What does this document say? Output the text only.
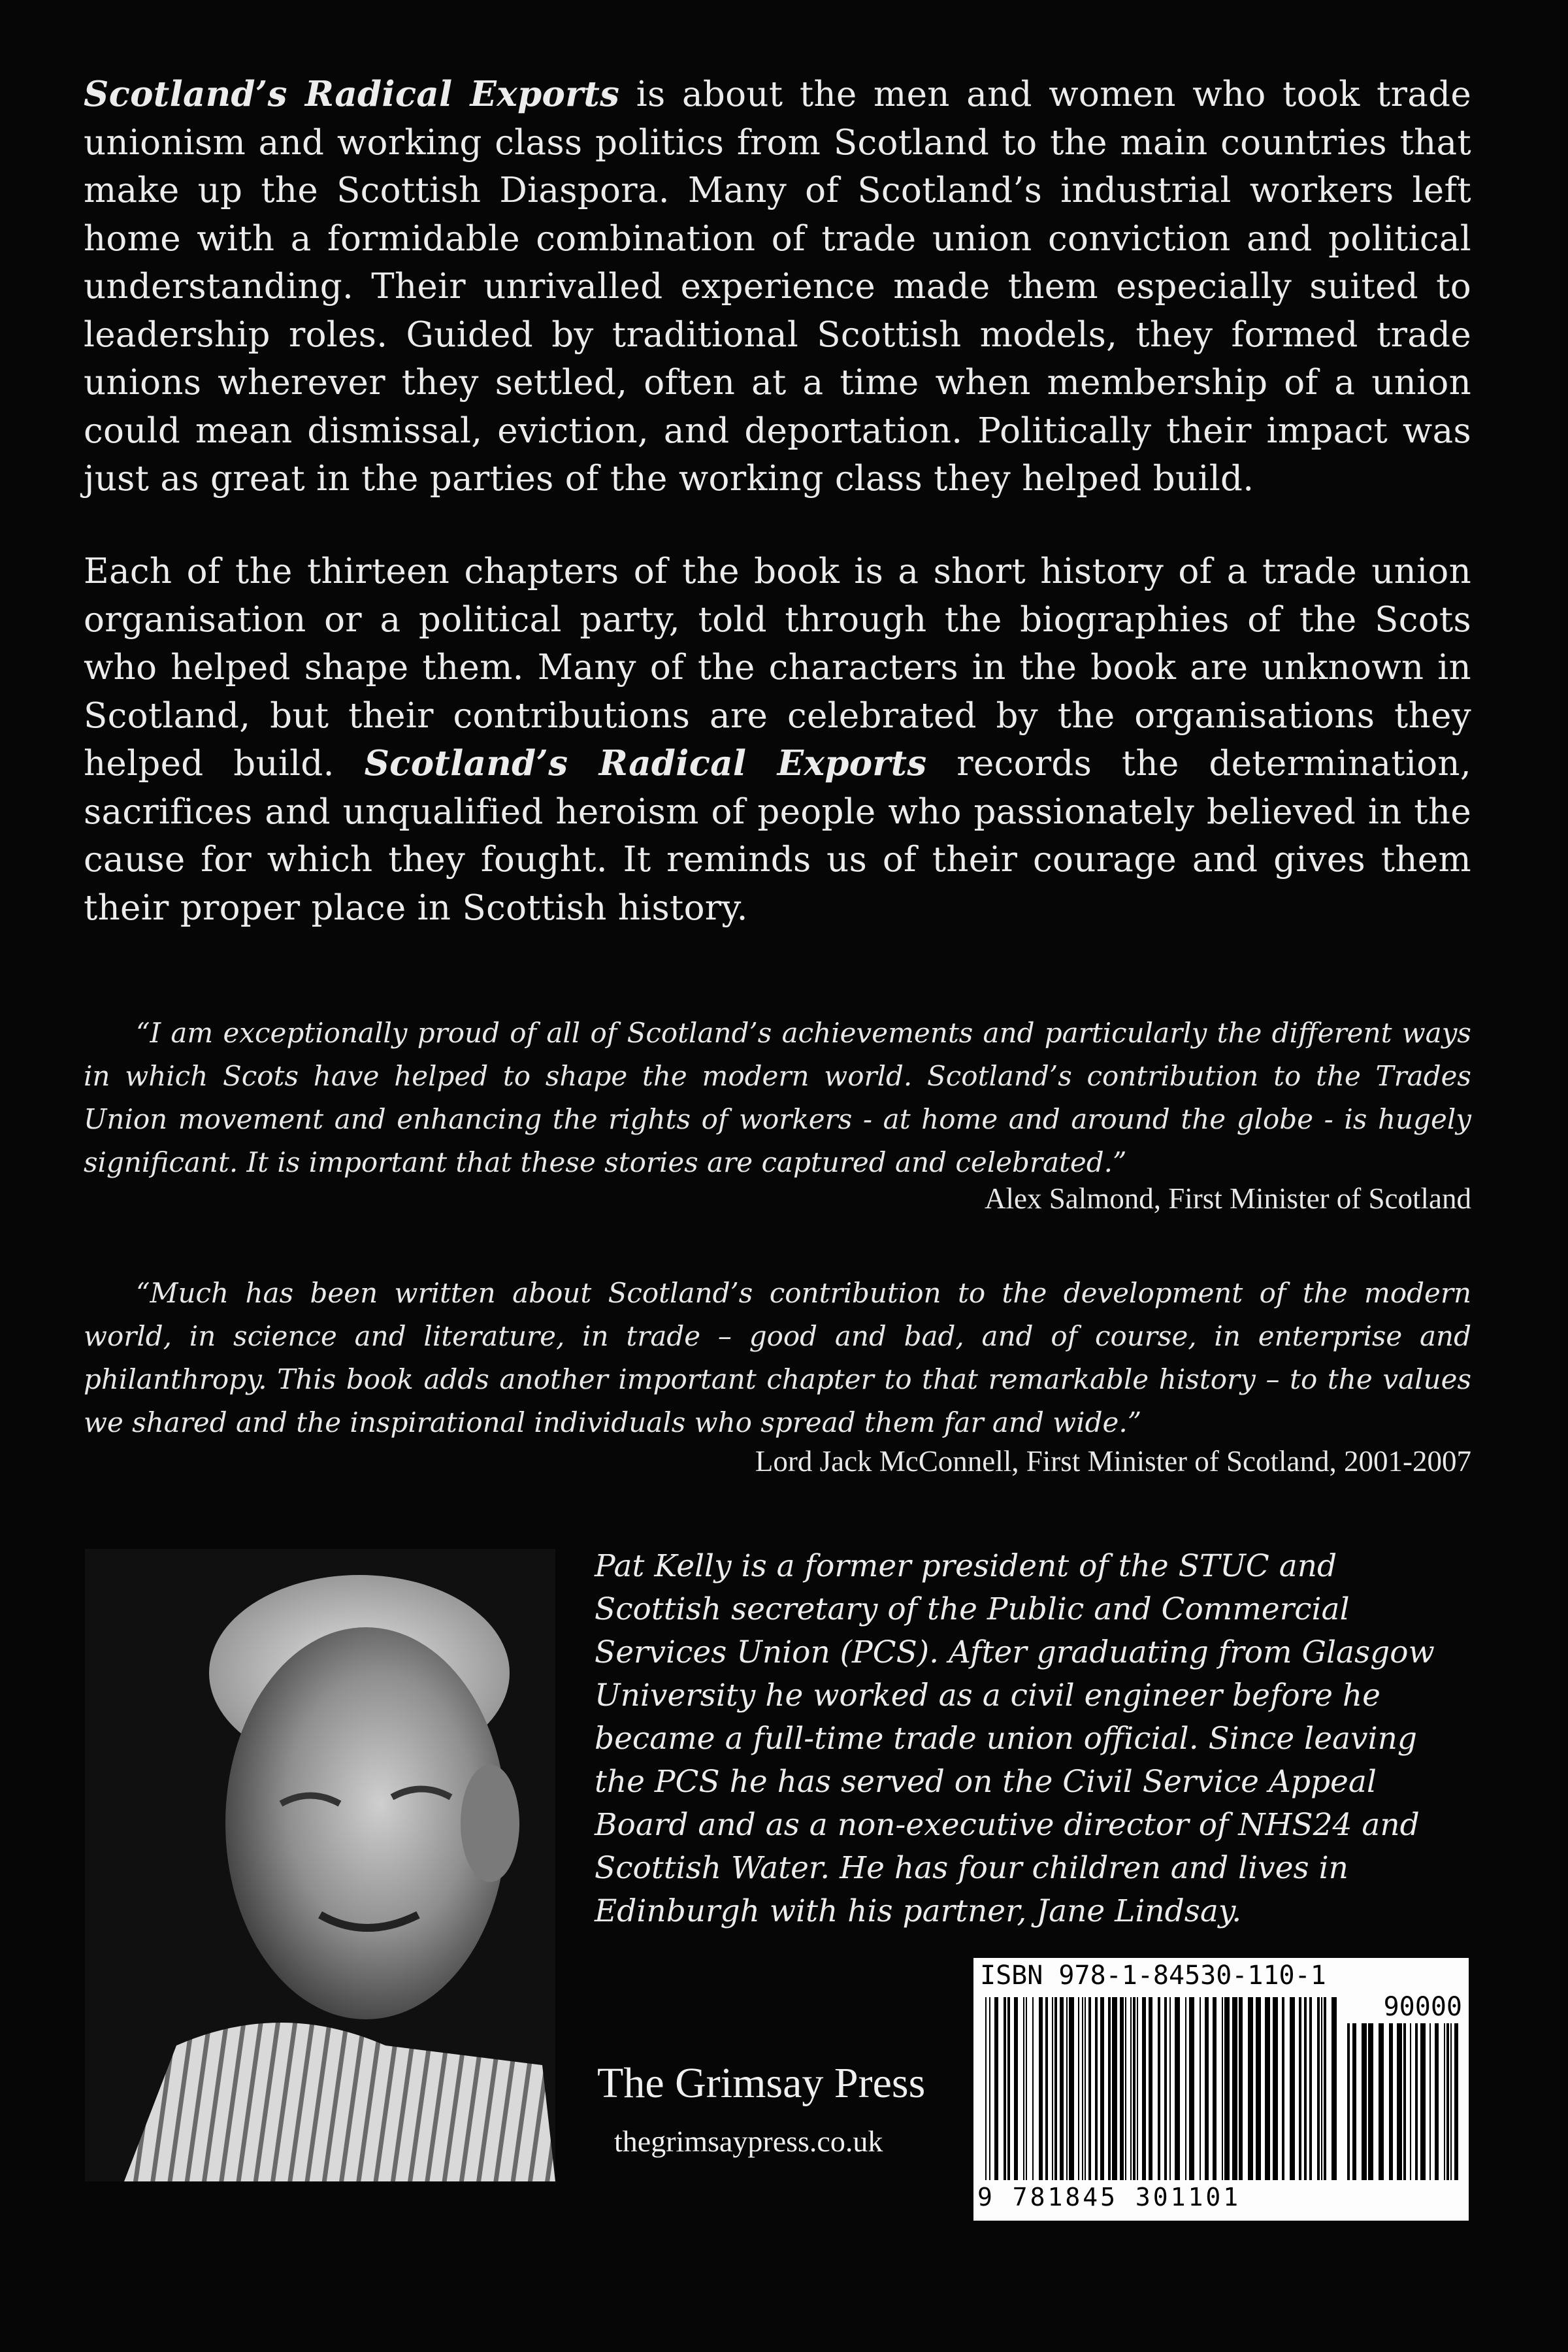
Scotland’s Radical Exports is about the men and women who took trade unionism and working class politics from Scotland to the main countries that make up the Scottish Diaspora. Many of Scotland’s industrial workers left home with a formidable combination of trade union conviction and political understanding. Their unrivalled experience made them especially suited to leadership roles. Guided by traditional Scottish models, they formed trade unions wherever they settled, often at a time when membership of a union could mean dismissal, eviction, and deportation. Politically their impact was just as great in the parties of the working class they helped build.

Each of the thirteen chapters of the book is a short history of a trade union organisation or a political party, told through the biographies of the Scots who helped shape them. Many of the characters in the book are unknown in Scotland, but their contributions are celebrated by the organisations they helped build. Scotland’s Radical Exports records the determination, sacrifices and unqualified heroism of people who passionately believed in the cause for which they fought. It reminds us of their courage and gives them their proper place in Scottish history.

“I am exceptionally proud of all of Scotland’s achievements and particularly the different ways in which Scots have helped to shape the modern world. Scotland’s contribution to the Trades Union movement and enhancing the rights of workers - at home and around the globe - is hugely significant. It is important that these stories are captured and celebrated.”

Alex Salmond, First Minister of Scotland

“Much has been written about Scotland’s contribution to the development of the modern world, in science and literature, in trade – good and bad, and of course, in enterprise and philanthropy. This book adds another important chapter to that remarkable history – to the values we shared and the inspirational individuals who spread them far and wide.”

Lord Jack McConnell, First Minister of Scotland, 2001-2007

Pat Kelly is a former president of the STUC and Scottish secretary of the Public and Commercial Services Union (PCS). After graduating from Glasgow University he worked as a civil engineer before he became a full-time trade union official. Since leaving the PCS he has served on the Civil Service Appeal Board and as a non-executive director of NHS24 and Scottish Water. He has four children and lives in Edinburgh with his partner, Jane Lindsay.

The Grimsay Press
thegrimsaypress.co.uk
ISBN 978-1-84530-110-1
90000
9 781845 301101
